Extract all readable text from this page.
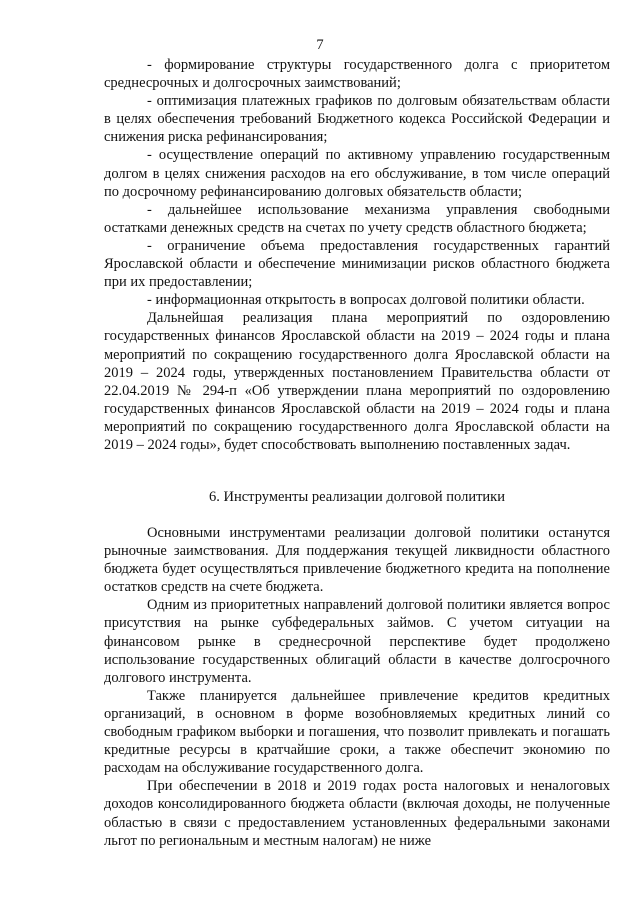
7

- формирование структуры государственного долга с приоритетом среднесрочных и долгосрочных заимствований;

- оптимизация платежных графиков по долговым обязательствам области в целях обеспечения требований Бюджетного кодекса Российской Федерации и снижения риска рефинансирования;

- осуществление операций по активному управлению государственным долгом в целях снижения расходов на его обслуживание, в том числе операций по досрочному рефинансированию долговых обязательств области;

- дальнейшее использование механизма управления свободными остатками денежных средств на счетах по учету средств областного бюджета;

- ограничение объема предоставления государственных гарантий Ярославской области и обеспечение минимизации рисков областного бюджета при их предоставлении;

- информационная открытость в вопросах долговой политики области.

Дальнейшая реализация плана мероприятий по оздоровлению государственных финансов Ярославской области на 2019 – 2024 годы и плана мероприятий по сокращению государственного долга Ярославской области на 2019 – 2024 годы, утвержденных постановлением Правительства области от 22.04.2019 № 294-п «Об утверждении плана мероприятий по оздоровлению государственных финансов Ярославской области на 2019 – 2024 годы и плана мероприятий по сокращению государственного долга Ярославской области на 2019 – 2024 годы», будет способствовать выполнению поставленных задач.

6. Инструменты реализации долговой политики

Основными инструментами реализации долговой политики останутся рыночные заимствования. Для поддержания текущей ликвидности областного бюджета будет осуществляться привлечение бюджетного кредита на пополнение остатков средств на счете бюджета.

Одним из приоритетных направлений долговой политики является вопрос присутствия на рынке субфедеральных займов. С учетом ситуации на финансовом рынке в среднесрочной перспективе будет продолжено использование государственных облигаций области в качестве долгосрочного долгового инструмента.

Также планируется дальнейшее привлечение кредитов кредитных организаций, в основном в форме возобновляемых кредитных линий со свободным графиком выборки и погашения, что позволит привлекать и погашать кредитные ресурсы в кратчайшие сроки, а также обеспечит экономию по расходам на обслуживание государственного долга.

При обеспечении в 2018 и 2019 годах роста налоговых и неналоговых доходов консолидированного бюджета области (включая доходы, не полученные областью в связи с предоставлением установленных федеральными законами льгот по региональным и местным налогам) не ниже
